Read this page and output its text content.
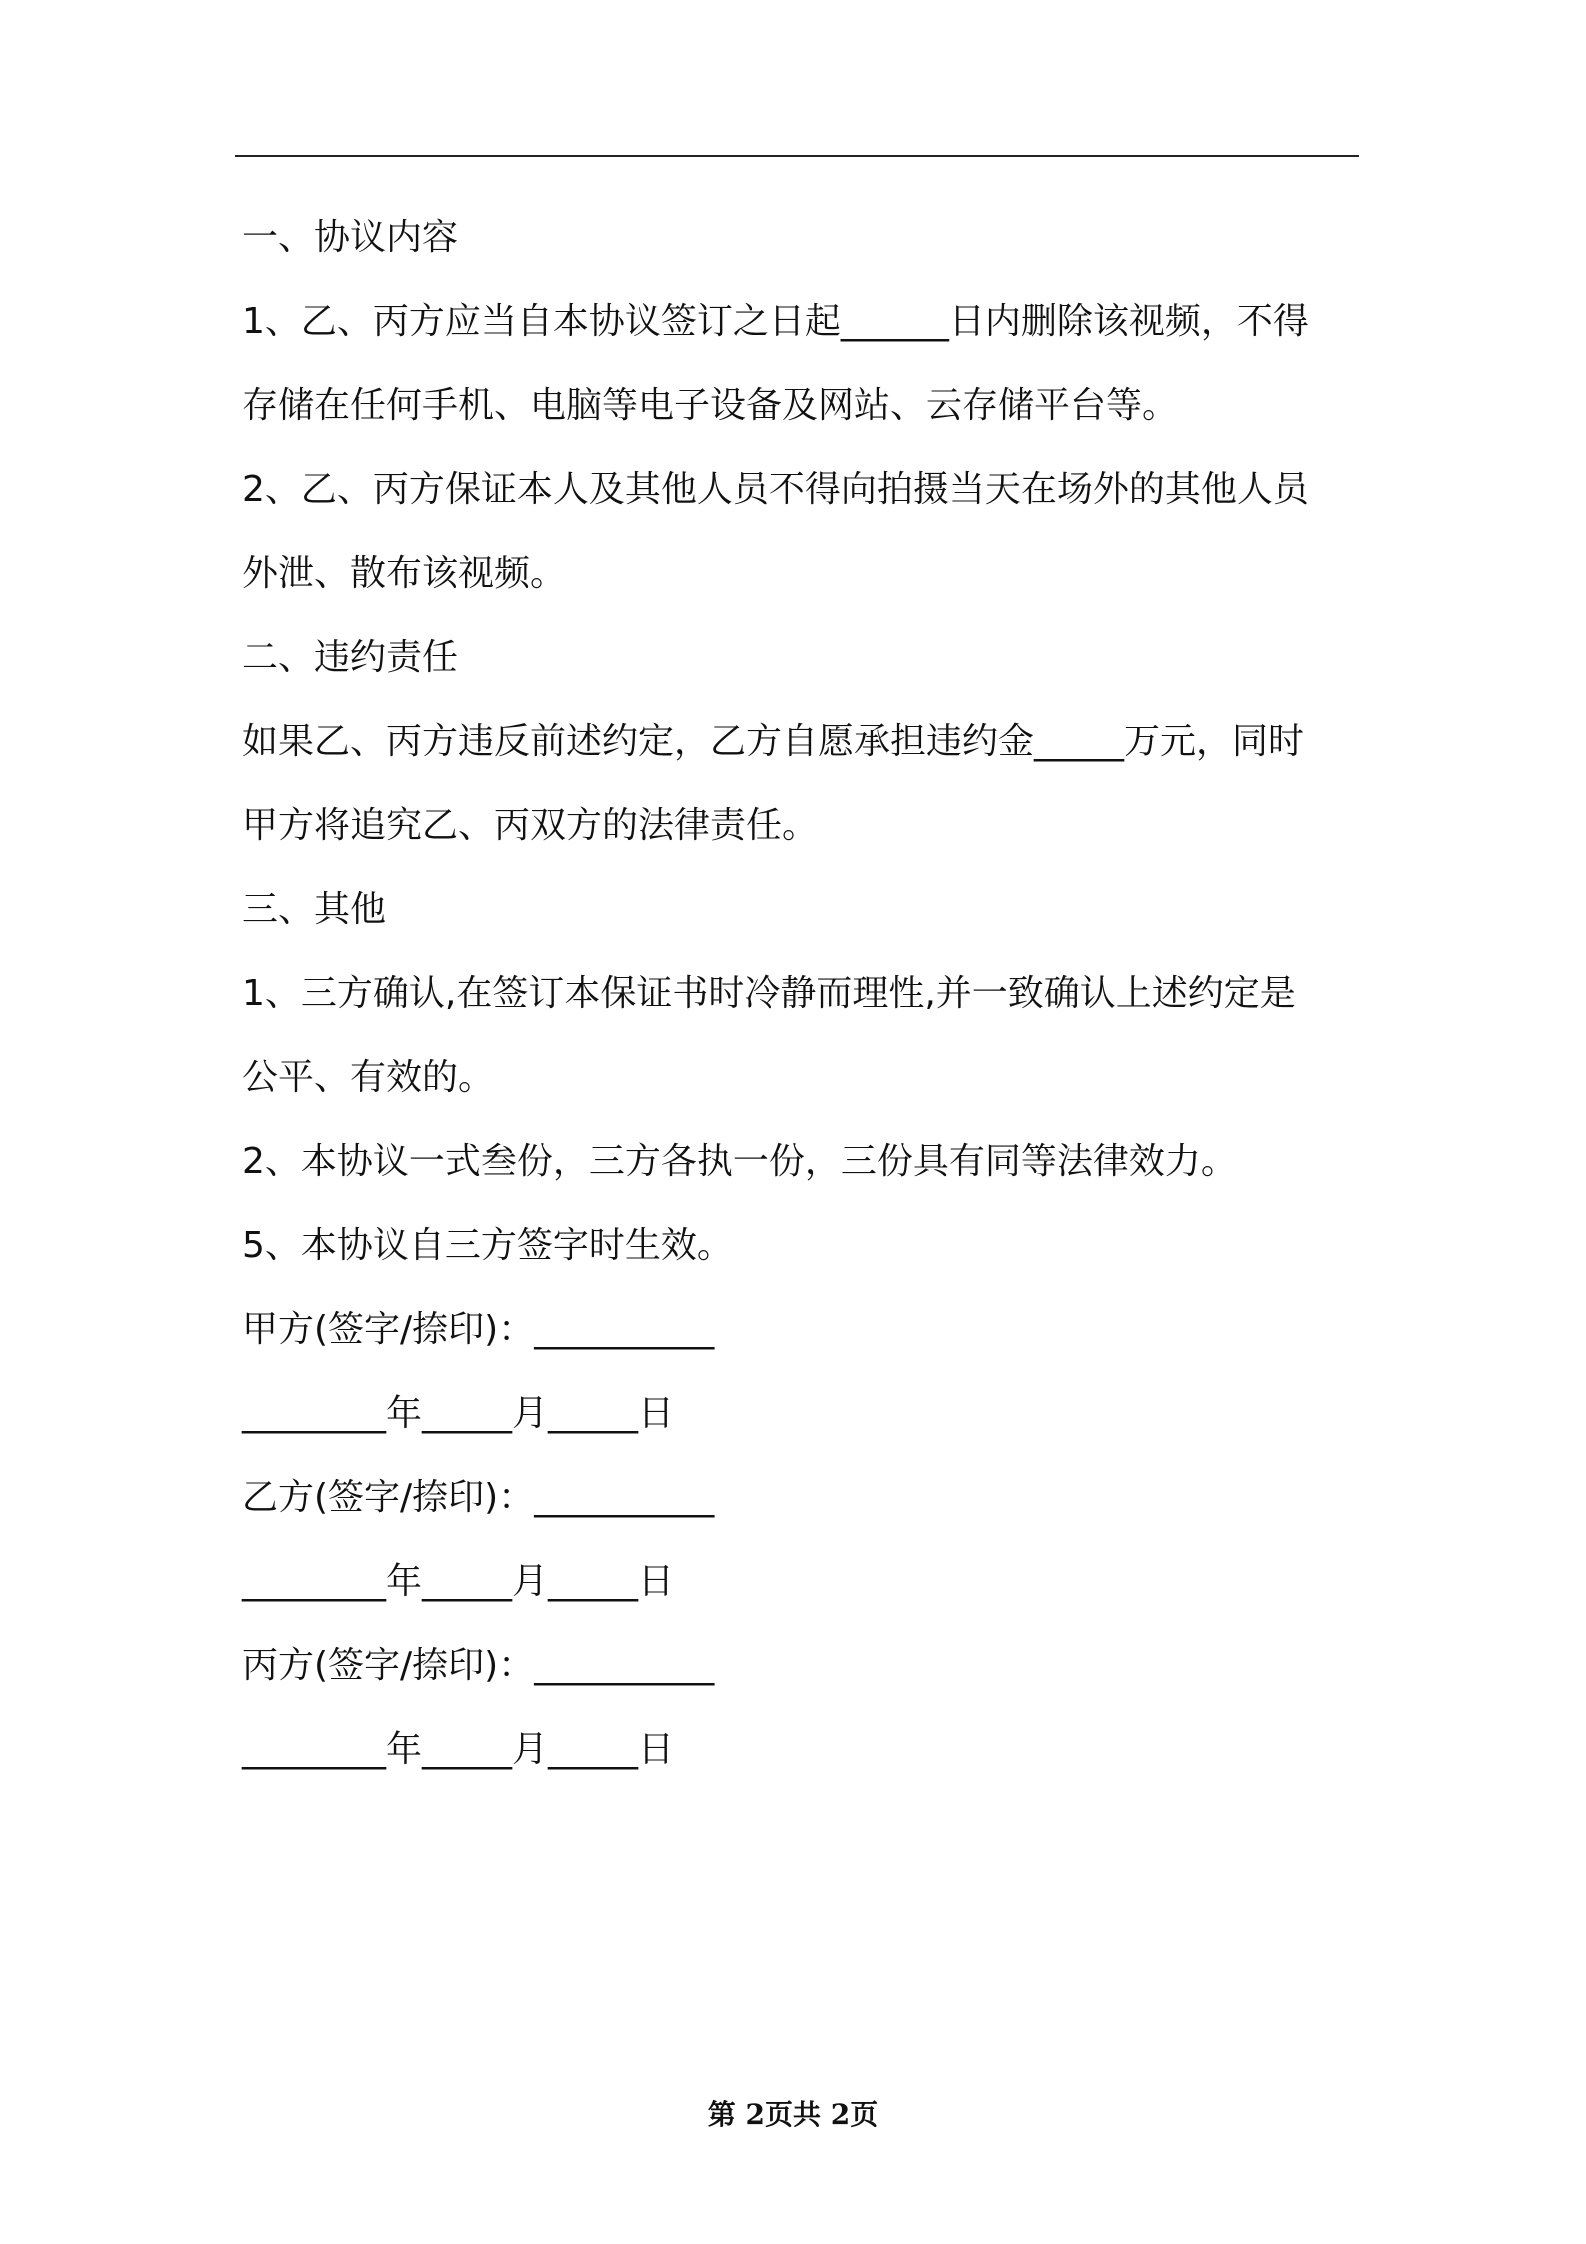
一、协议内容
1、乙、丙方应当自本协议签订之日起______日内删除该视频，不得
存储在任何手机、电脑等电子设备及网站、云存储平台等。
2、乙、丙方保证本人及其他人员不得向拍摄当天在场外的其他人员
外泄、散布该视频。
二、违约责任
如果乙、丙方违反前述约定，乙方自愿承担违约金_____万元，同时
甲方将追究乙、丙双方的法律责任。
三、其他
1、三方确认,在签订本保证书时冷静而理性,并一致确认上述约定是
公平、有效的。
2、本协议一式叁份，三方各执一份，三份具有同等法律效力。
5、本协议自三方签字时生效。
甲方(签字/捺印)：__________
________年_____月_____日
乙方(签字/捺印)：__________
________年_____月_____日
丙方(签字/捺印)：__________
________年_____月_____日
第 2页共 2页
